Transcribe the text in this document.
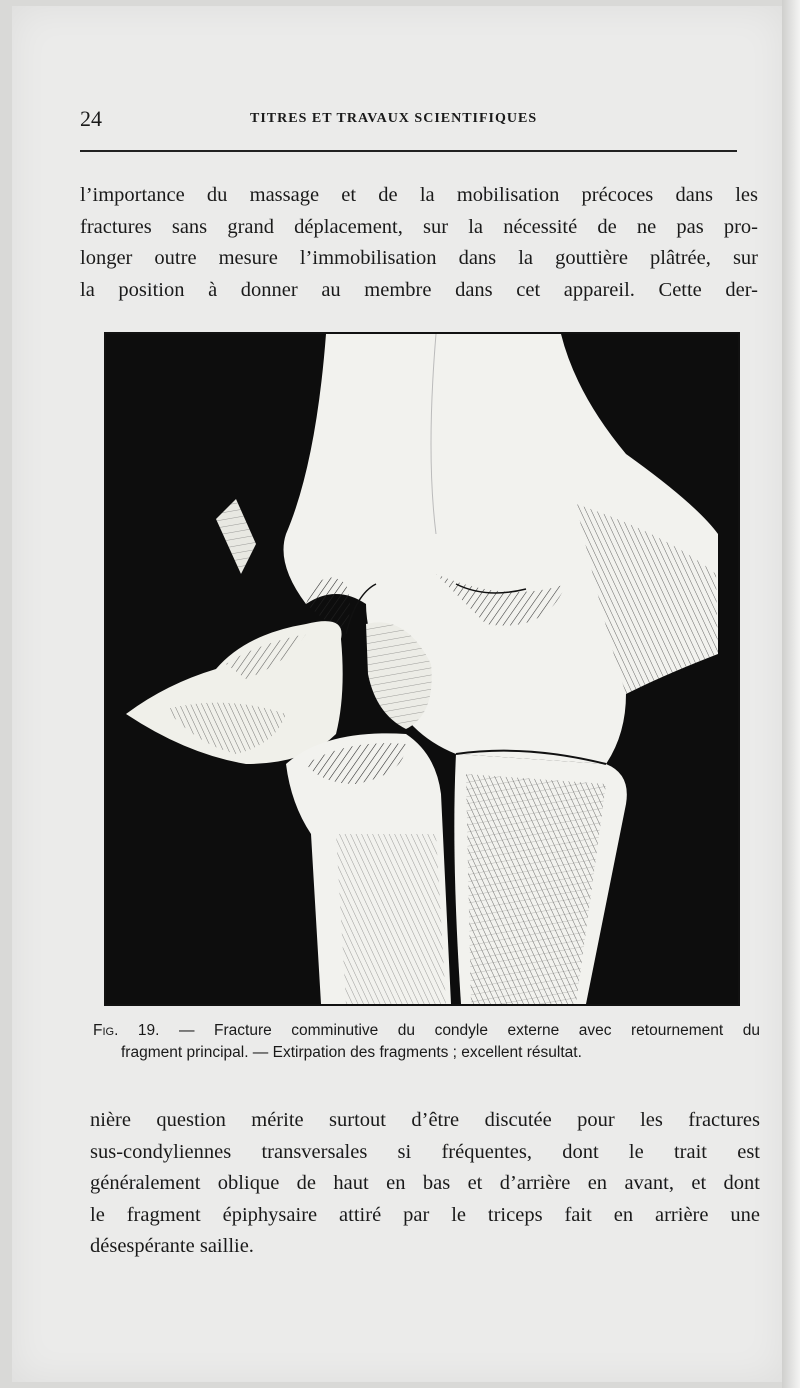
24	TITRES ET TRAVAUX SCIENTIFIQUES

l’importance du massage et de la mobilisation précoces dans les
fractures sans grand déplacement, sur la nécessité de ne pas pro-
longer outre mesure l’immobilisation dans la gouttière plâtrée, sur
la position à donner au membre dans cet appareil. Cette der-

Fig. 19. — Fracture comminutive du condyle externe avec retournement du
fragment principal. — Extirpation des fragments ; excellent résultat.

nière question mérite surtout d’être discutée pour les fractures
sus-condyliennes transversales si fréquentes, dont le trait est
généralement oblique de haut en bas et d’arrière en avant, et dont
le fragment épiphysaire attiré par le triceps fait en arrière une
désespérante saillie.
